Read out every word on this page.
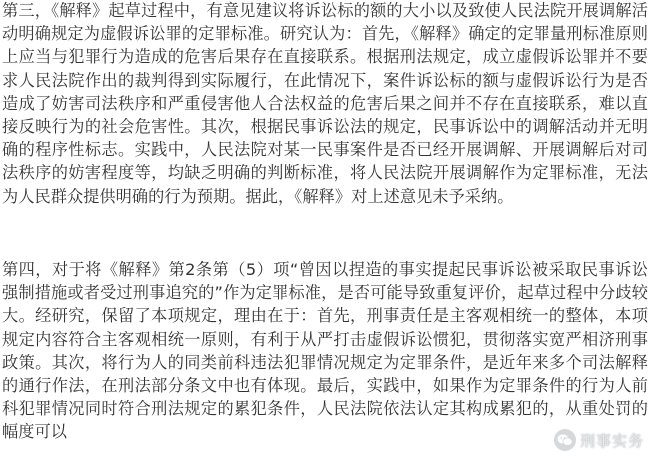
第三，《解释》起草过程中，有意见建议将诉讼标的额的大小以及致使人民法院开展调解活动明确规定为虚假诉讼罪的定罪标准。研究认为：首先，《解释》确定的定罪量刑标准原则上应当与犯罪行为造成的危害后果存在直接联系。根据刑法规定，成立虚假诉讼罪并不要求人民法院作出的裁判得到实际履行，在此情况下，案件诉讼标的额与虚假诉讼行为是否造成了妨害司法秩序和严重侵害他人合法权益的危害后果之间并不存在直接联系，难以直接反映行为的社会危害性。其次，根据民事诉讼法的规定，民事诉讼中的调解活动并无明确的程序性标志。实践中，人民法院对某一民事案件是否已经开展调解、开展调解后对司法秩序的妨害程度等，均缺乏明确的判断标准，将人民法院开展调解作为定罪标准，无法为人民群众提供明确的行为预期。据此，《解释》对上述意见未予采纳。

第四，对于将《解释》第2条第（5）项“曾因以捏造的事实提起民事诉讼被采取民事诉讼强制措施或者受过刑事追究的”作为定罪标准，是否可能导致重复评价，起草过程中分歧较大。经研究，保留了本项规定，理由在于：首先，刑事责任是主客观相统一的整体，本项规定内容符合主客观相统一原则，有利于从严打击虚假诉讼惯犯，贯彻落实宽严相济刑事政策。其次，将行为人的同类前科违法犯罪情况规定为定罪条件，是近年来多个司法解释的通行作法，在刑法部分条文中也有体现。最后，实践中，如果作为定罪条件的行为人前科犯罪情况同时符合刑法规定的累犯条件，人民法院依法认定其构成累犯的，从重处罚的幅度可以	刑事实务
